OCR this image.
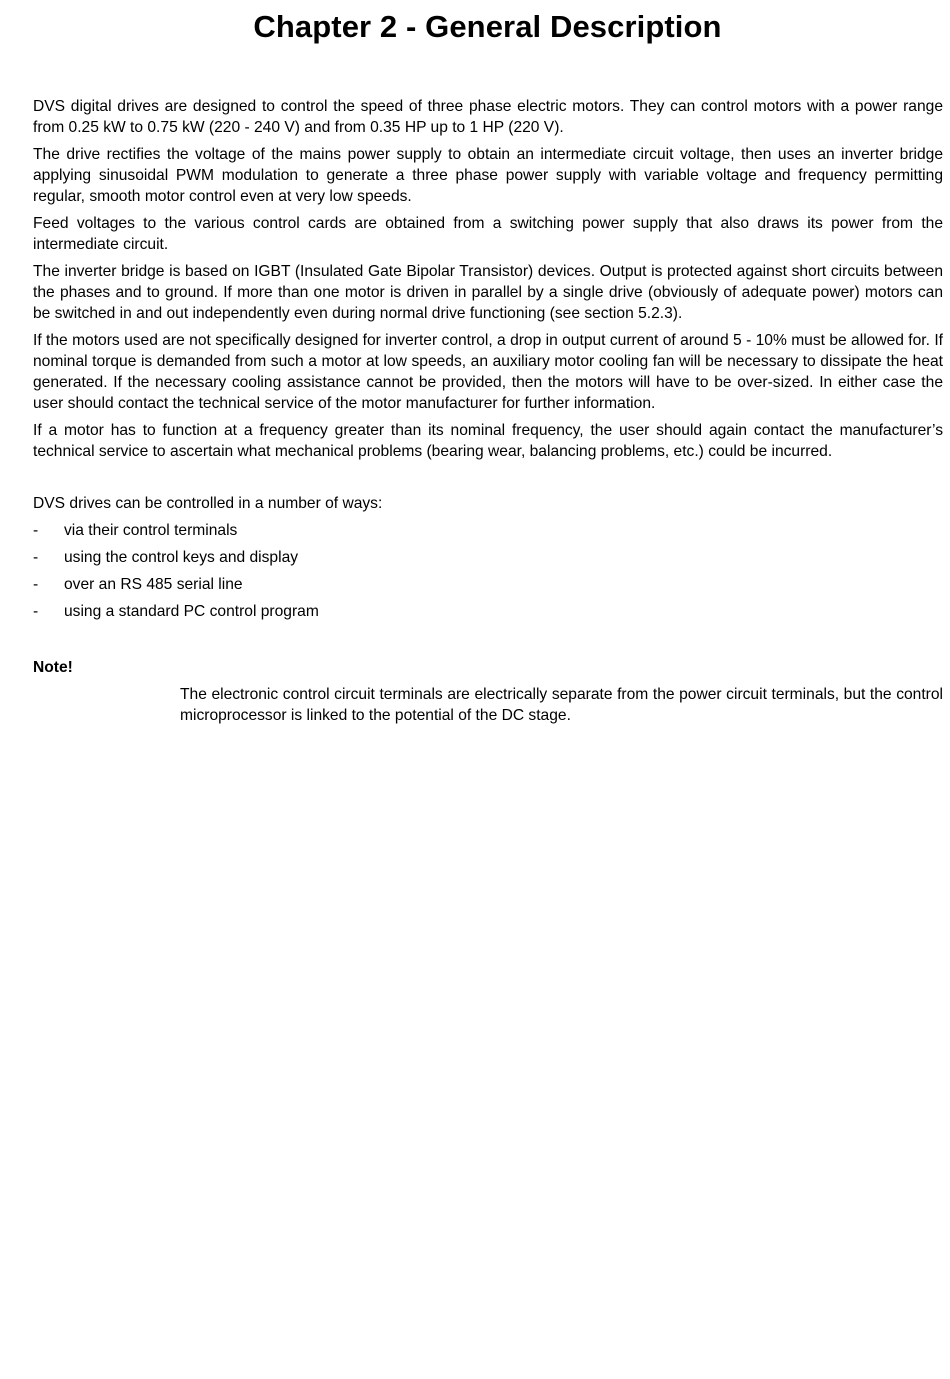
Chapter 2 - General Description

DVS digital drives are designed to control the speed of three phase electric motors. They can control motors with a power range from 0.25 kW to 0.75 kW (220 - 240 V) and from 0.35 HP up to 1 HP (220 V).

The drive rectifies the voltage of the mains power supply to obtain an intermediate circuit voltage, then uses an inverter bridge applying sinusoidal PWM modulation to generate a three phase power supply with variable voltage and frequency permitting regular, smooth motor control even at very low speeds.

Feed voltages to the various control cards are obtained from a switching power supply that also draws its power from the intermediate circuit.

The inverter bridge is based on IGBT (Insulated Gate Bipolar Transistor) devices. Output is protected against short circuits between the phases and to ground. If more than one motor is driven in parallel by a single drive (obviously of adequate power) motors can be switched in and out independently even during normal drive functioning (see section 5.2.3).

If the motors used are not specifically designed for inverter control, a drop in output current of around 5 - 10% must be allowed for. If nominal torque is demanded from such a motor at low speeds, an auxiliary motor cooling fan will be necessary to dissipate the heat generated. If the necessary cooling assistance cannot be provided, then the motors will have to be over-sized. In either case the user should contact the technical service of the motor manufacturer for further information.

If a motor has to function at a frequency greater than its nominal frequency, the user should again contact the manufacturer’s technical service to ascertain what mechanical problems (bearing wear, balancing problems, etc.) could be incurred.

DVS drives can be controlled in a number of ways:

- via their control terminals
- using the control keys and display
- over an RS 485 serial line
- using a standard PC control program

Note!

The electronic control circuit terminals are electrically separate from the power circuit terminals, but the control microprocessor is linked to the potential of the DC stage.
